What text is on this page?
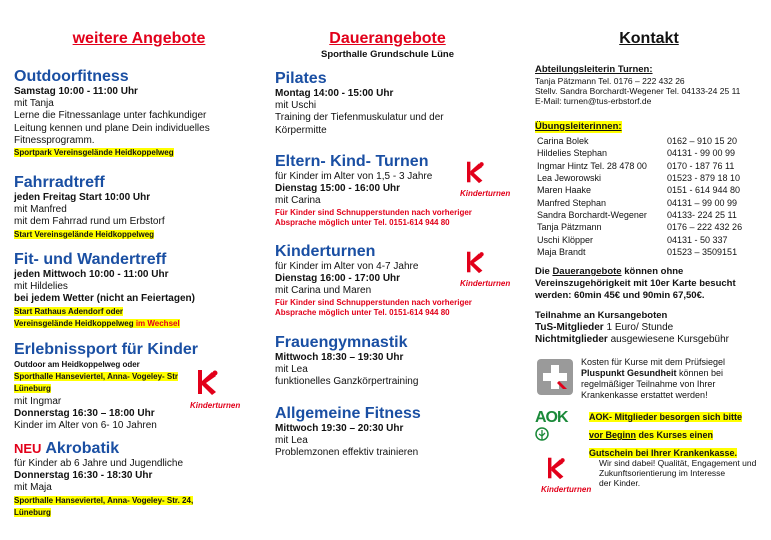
weitere Angebote
Outdoorfitness
Samstag 10:00 - 11:00 Uhr
mit Tanja
Lerne die Fitnessanlage unter fachkundiger
Leitung kennen und plane Dein individuelles
Fitnessprogramm.
Sportpark Vereinsgelände Heidkoppelweg
Fahrradtreff
jeden Freitag Start 10:00 Uhr
mit Manfred
mit dem Fahrrad rund um Erbstorf
Start Vereinsgelände Heidkoppelweg
Fit- und Wandertreff
jeden Mittwoch 10:00 - 11:00 Uhr
mit Hildelies
bei jedem Wetter (nicht an Feiertagen)
Start Rathaus Adendorf oder
Vereinsgelände Heidkoppelweg im Wechsel
Erlebnissport für Kinder
Outdoor am Heidkoppelweg oder
Sporthalle Hanseviertel, Anna- Vogeley- Str
Lüneburg
mit Ingmar
Donnerstag 16:30 – 18:00 Uhr
Kinder im Alter von 6- 10 Jahren
NEU Akrobatik
für Kinder ab 6 Jahre und Jugendliche
Donnerstag 16:30 - 18:30 Uhr
mit Maja
Sporthalle Hanseviertel, Anna- Vogeley- Str. 24,
Lüneburg
Kinderturnen
Dauerangebote
Sporthalle Grundschule Lüne
Pilates
Montag 14:00 - 15:00 Uhr
mit Uschi
Training der Tiefenmuskulatur und der
Körpermitte
Eltern- Kind- Turnen
für Kinder im Alter von 1,5 - 3 Jahre
Dienstag 15:00 - 16:00 Uhr
mit Carina
Für Kinder sind Schnupperstunden nach vorheriger
Absprache möglich unter Tel. 0151-614 944 80
Kinderturnen
für Kinder im Alter von 4-7 Jahre
Dienstag 16:00 - 17:00 Uhr
mit Carina und Maren
Für Kinder sind Schnupperstunden nach vorheriger
Absprache möglich unter Tel. 0151-614 944 80
Frauengymnastik
Mittwoch 18:30 – 19:30 Uhr
mit Lea
funktionelles Ganzkörpertraining
Allgemeine Fitness
Mittwoch 19:30 – 20:30 Uhr
mit Lea
Problemzonen effektiv trainieren
Kinderturnen
Kinderturnen
Kontakt
Abteilungsleiterin Turnen:
Tanja Pätzmann Tel. 0176 – 222 432 26
Stellv. Sandra Borchardt-Wegener Tel. 04133-24 25 11
E-Mail: turnen@tus-erbstorf.de
Übungsleiterinnen:
Carina Bolek	0162 – 910 15 20
Hildelies Stephan	04131 - 99 00 99
Ingmar Hintz Tel. 28 478 00	0170 - 187 76 11
Lea Jeworowski	01523 - 879 18 10
Maren Haake	0151 - 614 944 80
Manfred Stephan	04131 – 99 00 99
Sandra Borchardt-Wegener	04133- 224 25 11
Tanja Pätzmann	0176 – 222 432 26
Uschi Klöpper	04131 - 50 337
Maja Brandt	01523 – 3509151
Die Dauerangebote können ohne
Vereinszugehörigkeit mit 10er Karte besucht
werden: 60min 45€ und 90min 67,50€.
Teilnahme an Kursangeboten
TuS-Mitglieder 1 Euro/ Stunde
Nichtmitglieder ausgewiesene Kursgebühr
Kosten für Kurse mit dem Prüfsiegel
Pluspunkt Gesundheit können bei
regelmäßiger Teilnahme von Ihrer
Krankenkasse erstattet werden!
AOK	AOK- Mitglieder besorgen sich bitte
vor Beginn des Kurses einen
Gutschein bei Ihrer Krankenkasse.
Kinderturnen
Wir sind dabei! Qualität, Engagement und
Zukunftsorientierung im Interesse
der Kinder.
